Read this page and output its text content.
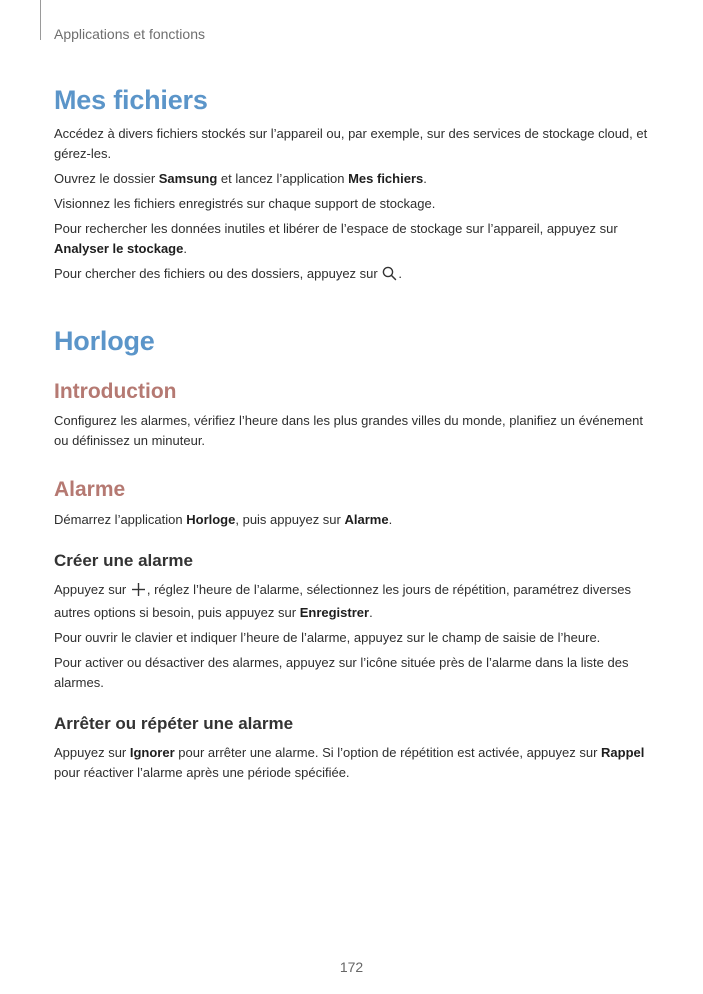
Applications et fonctions
Mes fichiers

Accédez à divers fichiers stockés sur l’appareil ou, par exemple, sur des services de stockage cloud, et gérez-les.

Ouvrez le dossier Samsung et lancez l’application Mes fichiers.

Visionnez les fichiers enregistrés sur chaque support de stockage.

Pour rechercher les données inutiles et libérer de l’espace de stockage sur l’appareil, appuyez sur Analyser le stockage.

Pour chercher des fichiers ou des dossiers, appuyez sur .

Horloge
Introduction

Configurez les alarmes, vérifiez l’heure dans les plus grandes villes du monde, planifiez un événement ou définissez un minuteur.

Alarme

Démarrez l’application Horloge, puis appuyez sur Alarme.

Créer une alarme

Appuyez sur , réglez l’heure de l’alarme, sélectionnez les jours de répétition, paramétrez diverses autres options si besoin, puis appuyez sur Enregistrer.

Pour ouvrir le clavier et indiquer l’heure de l’alarme, appuyez sur le champ de saisie de l’heure.

Pour activer ou désactiver des alarmes, appuyez sur l’icône située près de l’alarme dans la liste des alarmes.

Arrêter ou répéter une alarme

Appuyez sur Ignorer pour arrêter une alarme. Si l’option de répétition est activée, appuyez sur Rappel pour réactiver l’alarme après une période spécifiée.

172
